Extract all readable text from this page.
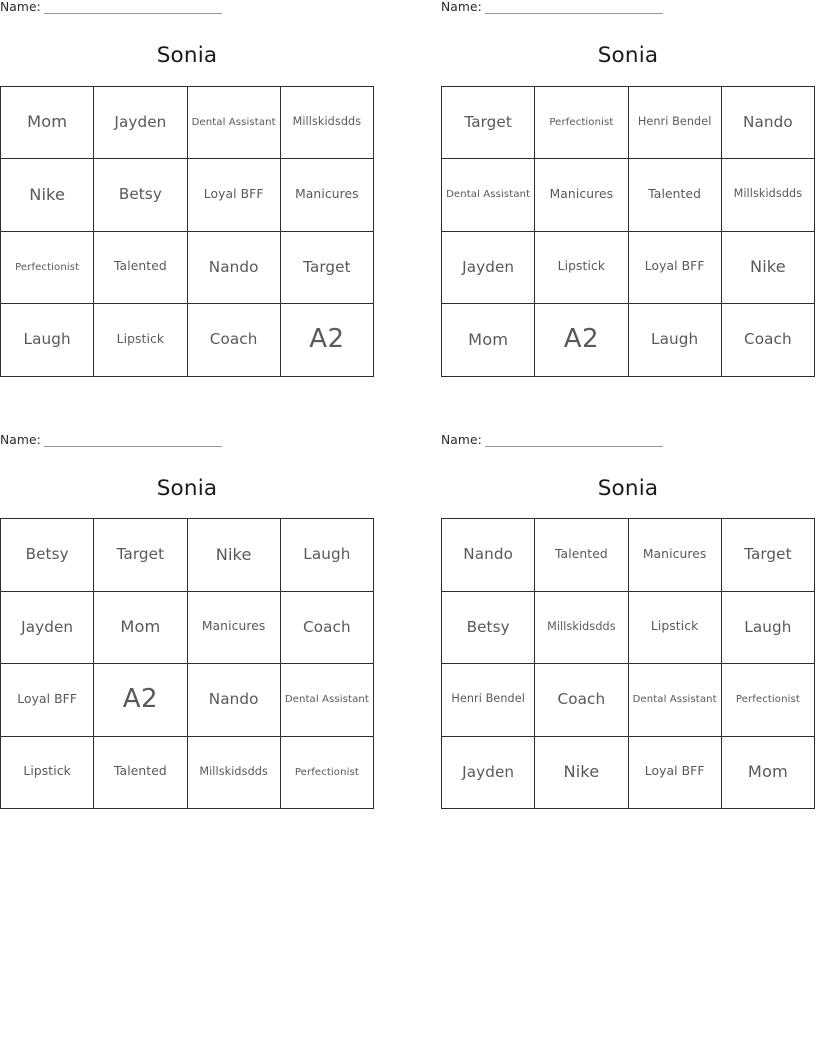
Name: _______________________________
Sonia
Mom	Jayden	Dental Assistant	Millskidsdds

Nike	Betsy	Loyal BFF	Manicures

Perfectionist	Talented	Nando	Target

Laugh	Lipstick	Coach	A2
Name: _______________________________
Sonia
Target	Perfectionist	Henri Bendel	Nando

Dental Assistant	Manicures	Talented	Millskidsdds

Jayden	Lipstick	Loyal BFF	Nike

Mom	A2	Laugh	Coach
Name: _______________________________
Sonia
Betsy	Target	Nike	Laugh

Jayden	Mom	Manicures	Coach

Loyal BFF	A2	Nando	Dental Assistant

Lipstick	Talented	Millskidsdds	Perfectionist
Name: _______________________________
Sonia
Nando	Talented	Manicures	Target

Betsy	Millskidsdds	Lipstick	Laugh

Henri Bendel	Coach	Dental Assistant	Perfectionist

Jayden	Nike	Loyal BFF	Mom
